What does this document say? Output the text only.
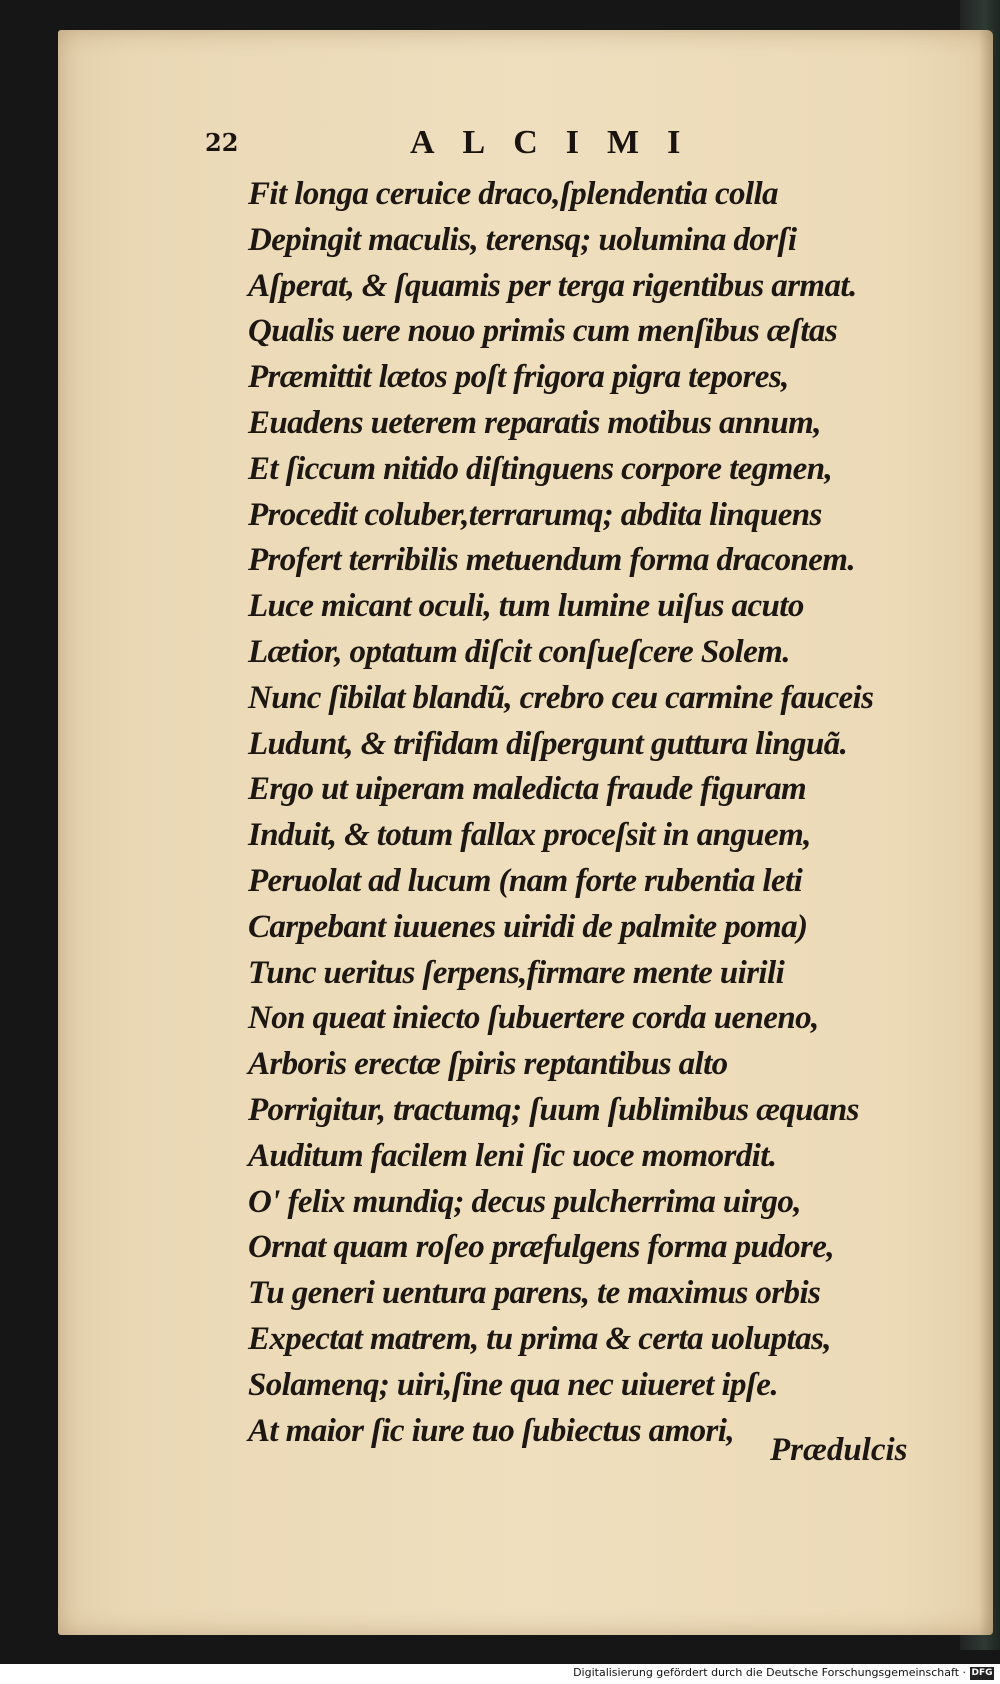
22	ALCIMI
Fit longa ceruice draco,ſplendentia colla
Depingit maculis, terensq; uolumina dorſi
Aſperat, & ſquamis per terga rigentibus armat.
Qualis uere nouo primis cum menſibus æſtas
Præmittit lætos poſt frigora pigra tepores,
Euadens ueterem reparatis motibus annum,
Et ſiccum nitido diſtinguens corpore tegmen,
Procedit coluber,terrarumq; abdita linquens
Profert terribilis metuendum forma draconem.
Luce micant oculi, tum lumine uiſus acuto
Lætior, optatum diſcit conſueſcere Solem.
Nunc ſibilat blandũ, crebro ceu carmine fauceis
Ludunt, & trifidam diſpergunt guttura linguã.
Ergo ut uiperam maledicta fraude figuram
Induit, & totum fallax proceſsit in anguem,
Peruolat ad lucum (nam forte rubentia leti
Carpebant iuuenes uiridi de palmite poma)
Tunc ueritus ſerpens,firmare mente uirili
Non queat iniecto ſubuertere corda ueneno,
Arboris erectæ ſpiris reptantibus alto
Porrigitur, tractumq; ſuum ſublimibus æquans
Auditum facilem leni ſic uoce momordit.
O' felix mundiq; decus pulcherrima uirgo,
Ornat quam roſeo præfulgens forma pudore,
Tu generi uentura parens, te maximus orbis
Expectat matrem, tu prima & certa uoluptas,
Solamenq; uiri,ſine qua nec uiueret ipſe.
At maior ſic iure tuo ſubiectus amori,
Prædulcis
Digitalisierung gefördert durch die Deutsche Forschungsgemeinschaft · DFG
